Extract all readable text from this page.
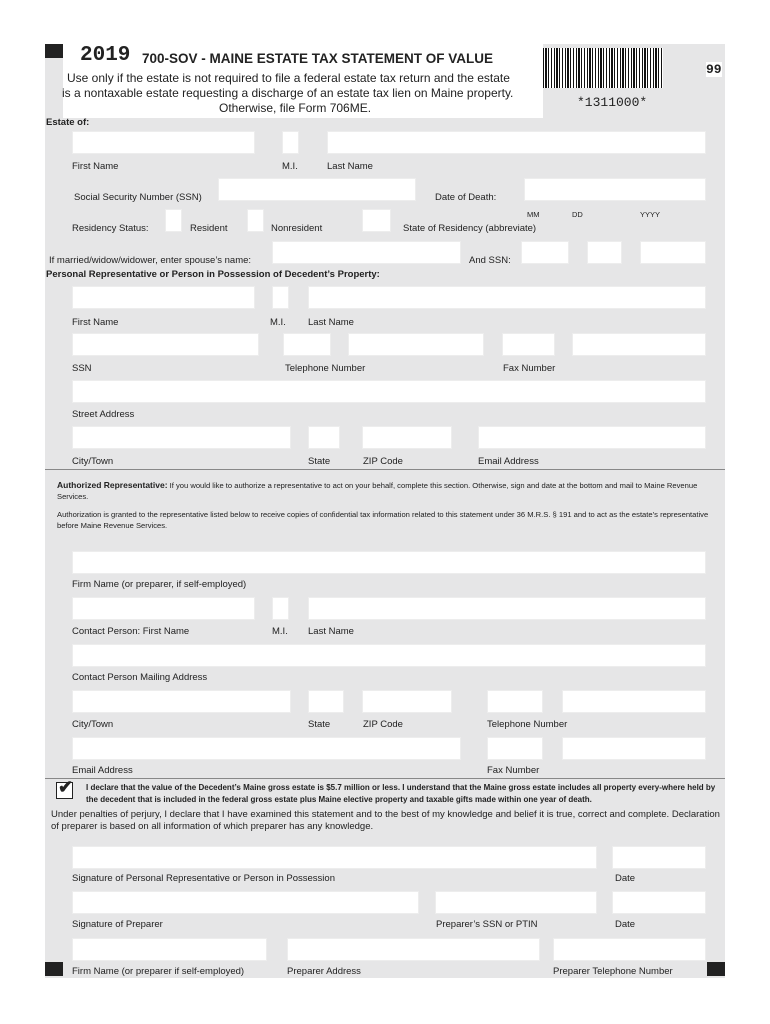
2019 700-SOV - MAINE ESTATE TAX STATEMENT OF VALUE
*1311000*
99
Use only if the estate is not required to file a federal estate tax return and the estate
is a nontaxable estate requesting a discharge of an estate tax lien on Maine property.
Otherwise, file Form 706ME.
Estate of:
First Name	M.I.	Last Name
Social Security Number (SSN)	Date of Death:
MM	DD	YYYY
Residency Status:	Resident	Nonresident	State of Residency (abbreviate)
If married/widow/widower, enter spouse’s name:	And SSN:
Personal Representative or Person in Possession of Decedent’s Property:
First Name	M.I. Last Name
SSN	Telephone Number	Fax Number
Street Address
City/Town	State	ZIP Code	Email Address
Authorized Representative: If you would like to authorize a representative to act on your behalf, complete this section. Otherwise, sign and date at the bottom and mail to Maine Revenue Services.
Authorization is granted to the representative listed below to receive copies of confidential tax information related to this statement under 36 M.R.S. § 191 and to act as the estate’s representative before Maine Revenue Services.
Firm Name (or preparer, if self-employed)
Contact Person: First Name	M.I. Last Name
Contact Person Mailing Address
City/Town	State	ZIP Code	Telephone Number
Email Address	Fax Number
✔ I declare that the value of the Decedent’s Maine gross estate is $5.7 million or less. I understand that the Maine gross estate includes all property every-where held by the decedent that is included in the federal gross estate plus Maine elective property and taxable gifts made within one year of death.
Under penalties of perjury, I declare that I have examined this statement and to the best of my knowledge and belief it is true, correct and complete. Declaration of preparer is based on all information of which preparer has any knowledge.
Signature of Personal Representative or Person in Possession	Date
Signature of Preparer	Preparer’s SSN or PTIN	Date
Firm Name (or preparer if self-employed)	Preparer Address	Preparer Telephone Number
